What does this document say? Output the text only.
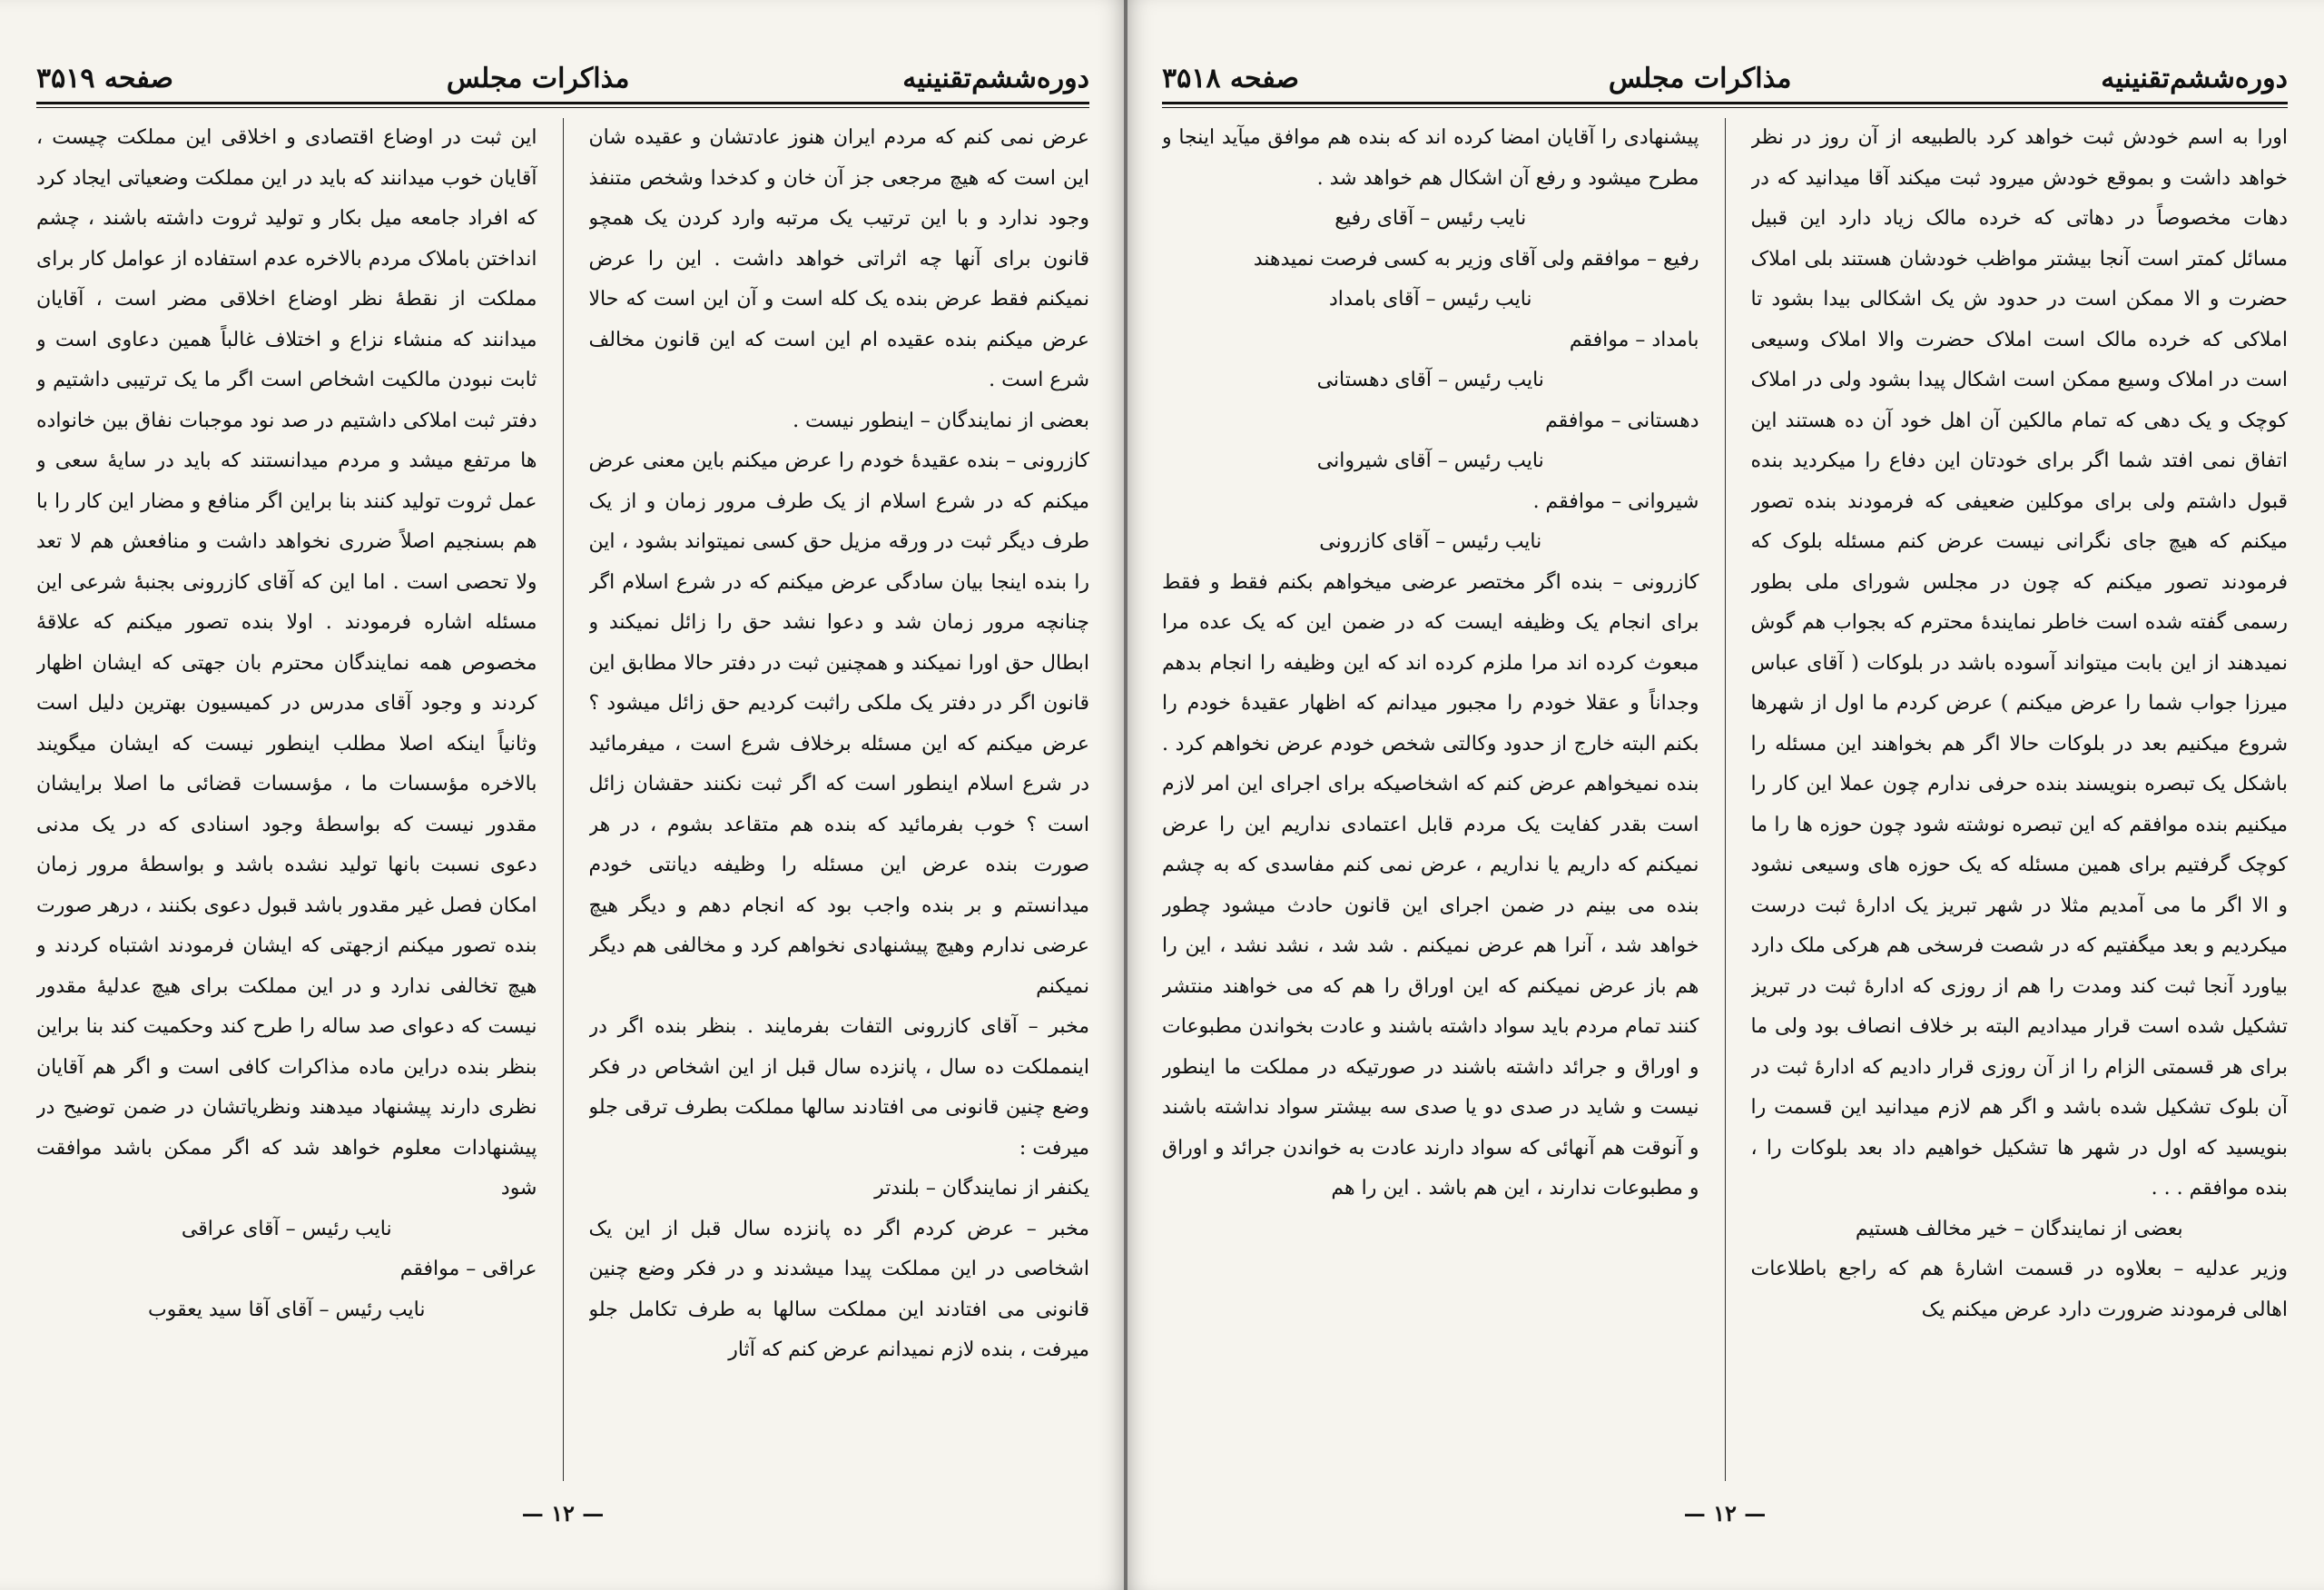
دوره‌ششم‌تقنینیه
مذاکرات مجلس
صفحه ۳۵۱۹

عرض نمی کنم که مردم ایران هنوز عادتشان و عقیده شان این است که هیچ مرجعی جز آن خان و کدخدا وشخص متنفذ وجود ندارد و با این ترتیب یک مرتبه وارد کردن یک همچو قانون برای آنها چه اثراتی خواهد داشت . این را عرض نمیکنم فقط عرض بنده یک کله است و آن این است که حالا عرض میکنم بنده عقیده ام این است که این قانون مخالف شرع است .

بعضی از نمایندگان – اینطور نیست .

کازرونی – بنده عقیدهٔ خودم را عرض میکنم باین معنی عرض میکنم که در شرع اسلام از یک طرف مرور زمان و از یک طرف دیگر ثبت در ورقه مزیل حق کسی نمیتواند بشود ، این را بنده اینجا بیان سادگی عرض میکنم که در شرع اسلام اگر چنانچه مرور زمان شد و دعوا نشد حق را زائل نمیکند و ابطال حق اورا نمیکند و همچنین ثبت در دفتر حالا مطابق این قانون اگر در دفتر یک ملکی راثبت کردیم حق زائل میشود ؟ عرض میکنم که این مسئله برخلاف شرع است ، میفرمائید در شرع اسلام اینطور است که اگر ثبت نکنند حقشان زائل است ؟ خوب بفرمائید که بنده هم متقاعد بشوم ، در هر صورت بنده عرض این مسئله را وظیفه دیانتی خودم میدانستم و بر بنده واجب بود که انجام دهم و دیگر هیچ عرضی ندارم وهیچ پیشنهادی نخواهم کرد و مخالفی هم دیگر نمیکنم

مخبر – آقای کازرونی التفات بفرمایند . بنظر بنده اگر در اینمملکت ده سال ، پانزده سال قبل از این اشخاص در فکر وضع چنین قانونی می افتادند سالها مملکت بطرف ترقی جلو میرفت :

یکنفر از نمایندگان – بلندتر

مخبر – عرض کردم اگر ده پانزده سال قبل از این یک اشخاصی در این مملکت پیدا میشدند و در فکر وضع چنین قانونی می افتادند این مملکت سالها به طرف تکامل جلو میرفت ، بنده لازم نمیدانم عرض کنم که آثار

این ثبت در اوضاع اقتصادی و اخلاقی این مملکت چیست ، آقایان خوب میدانند که باید در این مملکت وضعیاتی ایجاد کرد که افراد جامعه میل بکار و تولید ثروت داشته باشند ، چشم انداختن باملاک مردم بالاخره عدم استفاده از عوامل کار برای مملکت از نقطهٔ نظر اوضاع اخلاقی مضر است ، آقایان میدانند که منشاء نزاع و اختلاف غالباً همین دعاوی است و ثابت نبودن مالکیت اشخاص است اگر ما یک ترتیبی داشتیم و دفتر ثبت املاکی داشتیم در صد نود موجبات نفاق بین خانواده ها مرتفع میشد و مردم میدانستند که باید در سایهٔ سعی و عمل ثروت تولید کنند بنا براین اگر منافع و مضار این کار را با هم بسنجیم اصلاً ضرری نخواهد داشت و منافعش هم لا تعد ولا تحصی است . اما این که آقای کازرونی بجنبهٔ شرعی این مسئله اشاره فرمودند . اولا بنده تصور میکنم که علاقهٔ مخصوص همه نمایندگان محترم بان جهتی که ایشان اظهار کردند و وجود آقای مدرس در کمیسیون بهترین دلیل است وثانیاً اینکه اصلا مطلب اینطور نیست که ایشان میگویند بالاخره مؤسسات ما ، مؤسسات قضائی ما اصلا برایشان مقدور نیست که بواسطهٔ وجود اسنادی که در یک مدنی دعوی نسبت بانها تولید نشده باشد و بواسطهٔ مرور زمان امکان فصل غیر مقدور باشد قبول دعوی بکنند ، درهر صورت بنده تصور میکنم ازجهتی که ایشان فرمودند اشتباه کردند و هیچ تخالفی ندارد و در این مملکت برای هیچ عدلیهٔ مقدور نیست که دعوای صد ساله را طرح کند وحکمیت کند بنا براین بنظر بنده دراین ماده مذاکرات کافی است و اگر هم آقایان نظری دارند پیشنهاد میدهند ونظریاتشان در ضمن توضیح در پیشنهادات معلوم خواهد شد که اگر ممکن باشد موافقت شود

نایب رئیس – آقای عراقی

عراقی – موافقم

نایب رئیس – آقای آقا سید یعقوب

— ۱۲ —
دوره‌ششم‌تقنینیه
مذاکرات مجلس
صفحه ۳۵۱۸

اورا به اسم خودش ثبت خواهد کرد بالطبیعه از آن روز در نظر خواهد داشت و بموقع خودش میرود ثبت میکند آقا میدانید که در دهات مخصوصاً در دهاتی که خرده مالک زیاد دارد این قبیل مسائل کمتر است آنجا بیشتر مواظب خودشان هستند بلی املاک حضرت و الا ممکن است در حدود ش یک اشکالی بیدا بشود تا املاکی که خرده مالک است املاک حضرت والا املاک وسیعی است در املاک وسیع ممکن است اشکال پیدا بشود ولی در املاک کوچک و یک دهی که تمام مالکین آن اهل خود آن ده هستند این اتفاق نمی افتد شما اگر برای خودتان این دفاع را میکردید بنده قبول داشتم ولی برای موکلین ضعیفی که فرمودند بنده تصور میکنم که هیچ جای نگرانی نیست عرض کنم مسئله بلوک که فرمودند تصور میکنم که چون در مجلس شورای ملی بطور رسمی گفته شده است خاطر نمایندهٔ محترم که بجواب هم گوش نمیدهند از این بابت میتواند آسوده باشد در بلوکات ( آقای عباس میرزا جواب شما را عرض میکنم ) عرض کردم ما اول از شهرها شروع میکنیم بعد در بلوکات حالا اگر هم بخواهند این مسئله را باشکل یک تبصره بنویسند بنده حرفی ندارم چون عملا این کار را میکنیم بنده موافقم که این تبصره نوشته شود چون حوزه ها را ما کوچک گرفتیم برای همین مسئله که یک حوزه های وسیعی نشود و الا اگر ما می آمدیم مثلا در شهر تبریز یک ادارهٔ ثبت درست میکردیم و بعد میگفتیم که در شصت فرسخی هم هرکی ملک دارد بیاورد آنجا ثبت کند ومدت را هم از روزی که ادارهٔ ثبت در تبریز تشکیل شده است قرار میدادیم البته بر خلاف انصاف بود ولی ما برای هر قسمتی الزام را از آن روزی قرار دادیم که ادارهٔ ثبت در آن بلوک تشکیل شده باشد و اگر هم لازم میدانید این قسمت را بنویسید که اول در شهر ها تشکیل خواهیم داد بعد بلوکات را ، بنده موافقم . . .

بعضی از نمایندگان – خیر مخالف هستیم

وزیر عدلیه – بعلاوه در قسمت اشارهٔ هم که راجع باطلاعات اهالی فرمودند ضرورت دارد عرض میکنم یک

پیشنهادی را آقایان امضا کرده اند که بنده هم موافق میآید اینجا و مطرح میشود و رفع آن اشکال هم خواهد شد .

نایب رئیس – آقای رفیع

رفیع – موافقم ولی آقای وزیر به کسی فرصت نمیدهند

نایب رئیس – آقای بامداد

بامداد – موافقم

نایب رئیس – آقای دهستانی

دهستانی – موافقم

نایب رئیس – آقای شیروانی

شیروانی – موافقم .

نایب رئیس – آقای کازرونی

کازرونی – بنده اگر مختصر عرضی میخواهم بکنم فقط و فقط برای انجام یک وظیفه ایست که در ضمن این که یک عده مرا مبعوث کرده اند مرا ملزم کرده اند که این وظیفه را انجام بدهم وجداناً و عقلا خودم را مجبور میدانم که اظهار عقیدهٔ خودم را بکنم البته خارج از حدود وکالتی شخص خودم عرض نخواهم کرد . بنده نمیخواهم عرض کنم که اشخاصیکه برای اجرای این امر لازم است بقدر کفایت یک مردم قابل اعتمادی نداریم این را عرض نمیکنم که داریم یا نداریم ، عرض نمی کنم مفاسدی که به چشم بنده می بینم در ضمن اجرای این قانون حادث میشود چطور خواهد شد ، آنرا هم عرض نمیکنم . شد شد ، نشد نشد ، این را هم باز عرض نمیکنم که این اوراق را هم که می خواهند منتشر کنند تمام مردم باید سواد داشته باشند و عادت بخواندن مطبوعات و اوراق و جرائد داشته باشند در صورتیکه در مملکت ما اینطور نیست و شاید در صدی دو یا صدی سه بیشتر سواد نداشته باشند و آنوقت هم آنهائی که سواد دارند عادت به خواندن جرائد و اوراق و مطبوعات ندارند ، این هم باشد . این را هم

— ۱۲ —
